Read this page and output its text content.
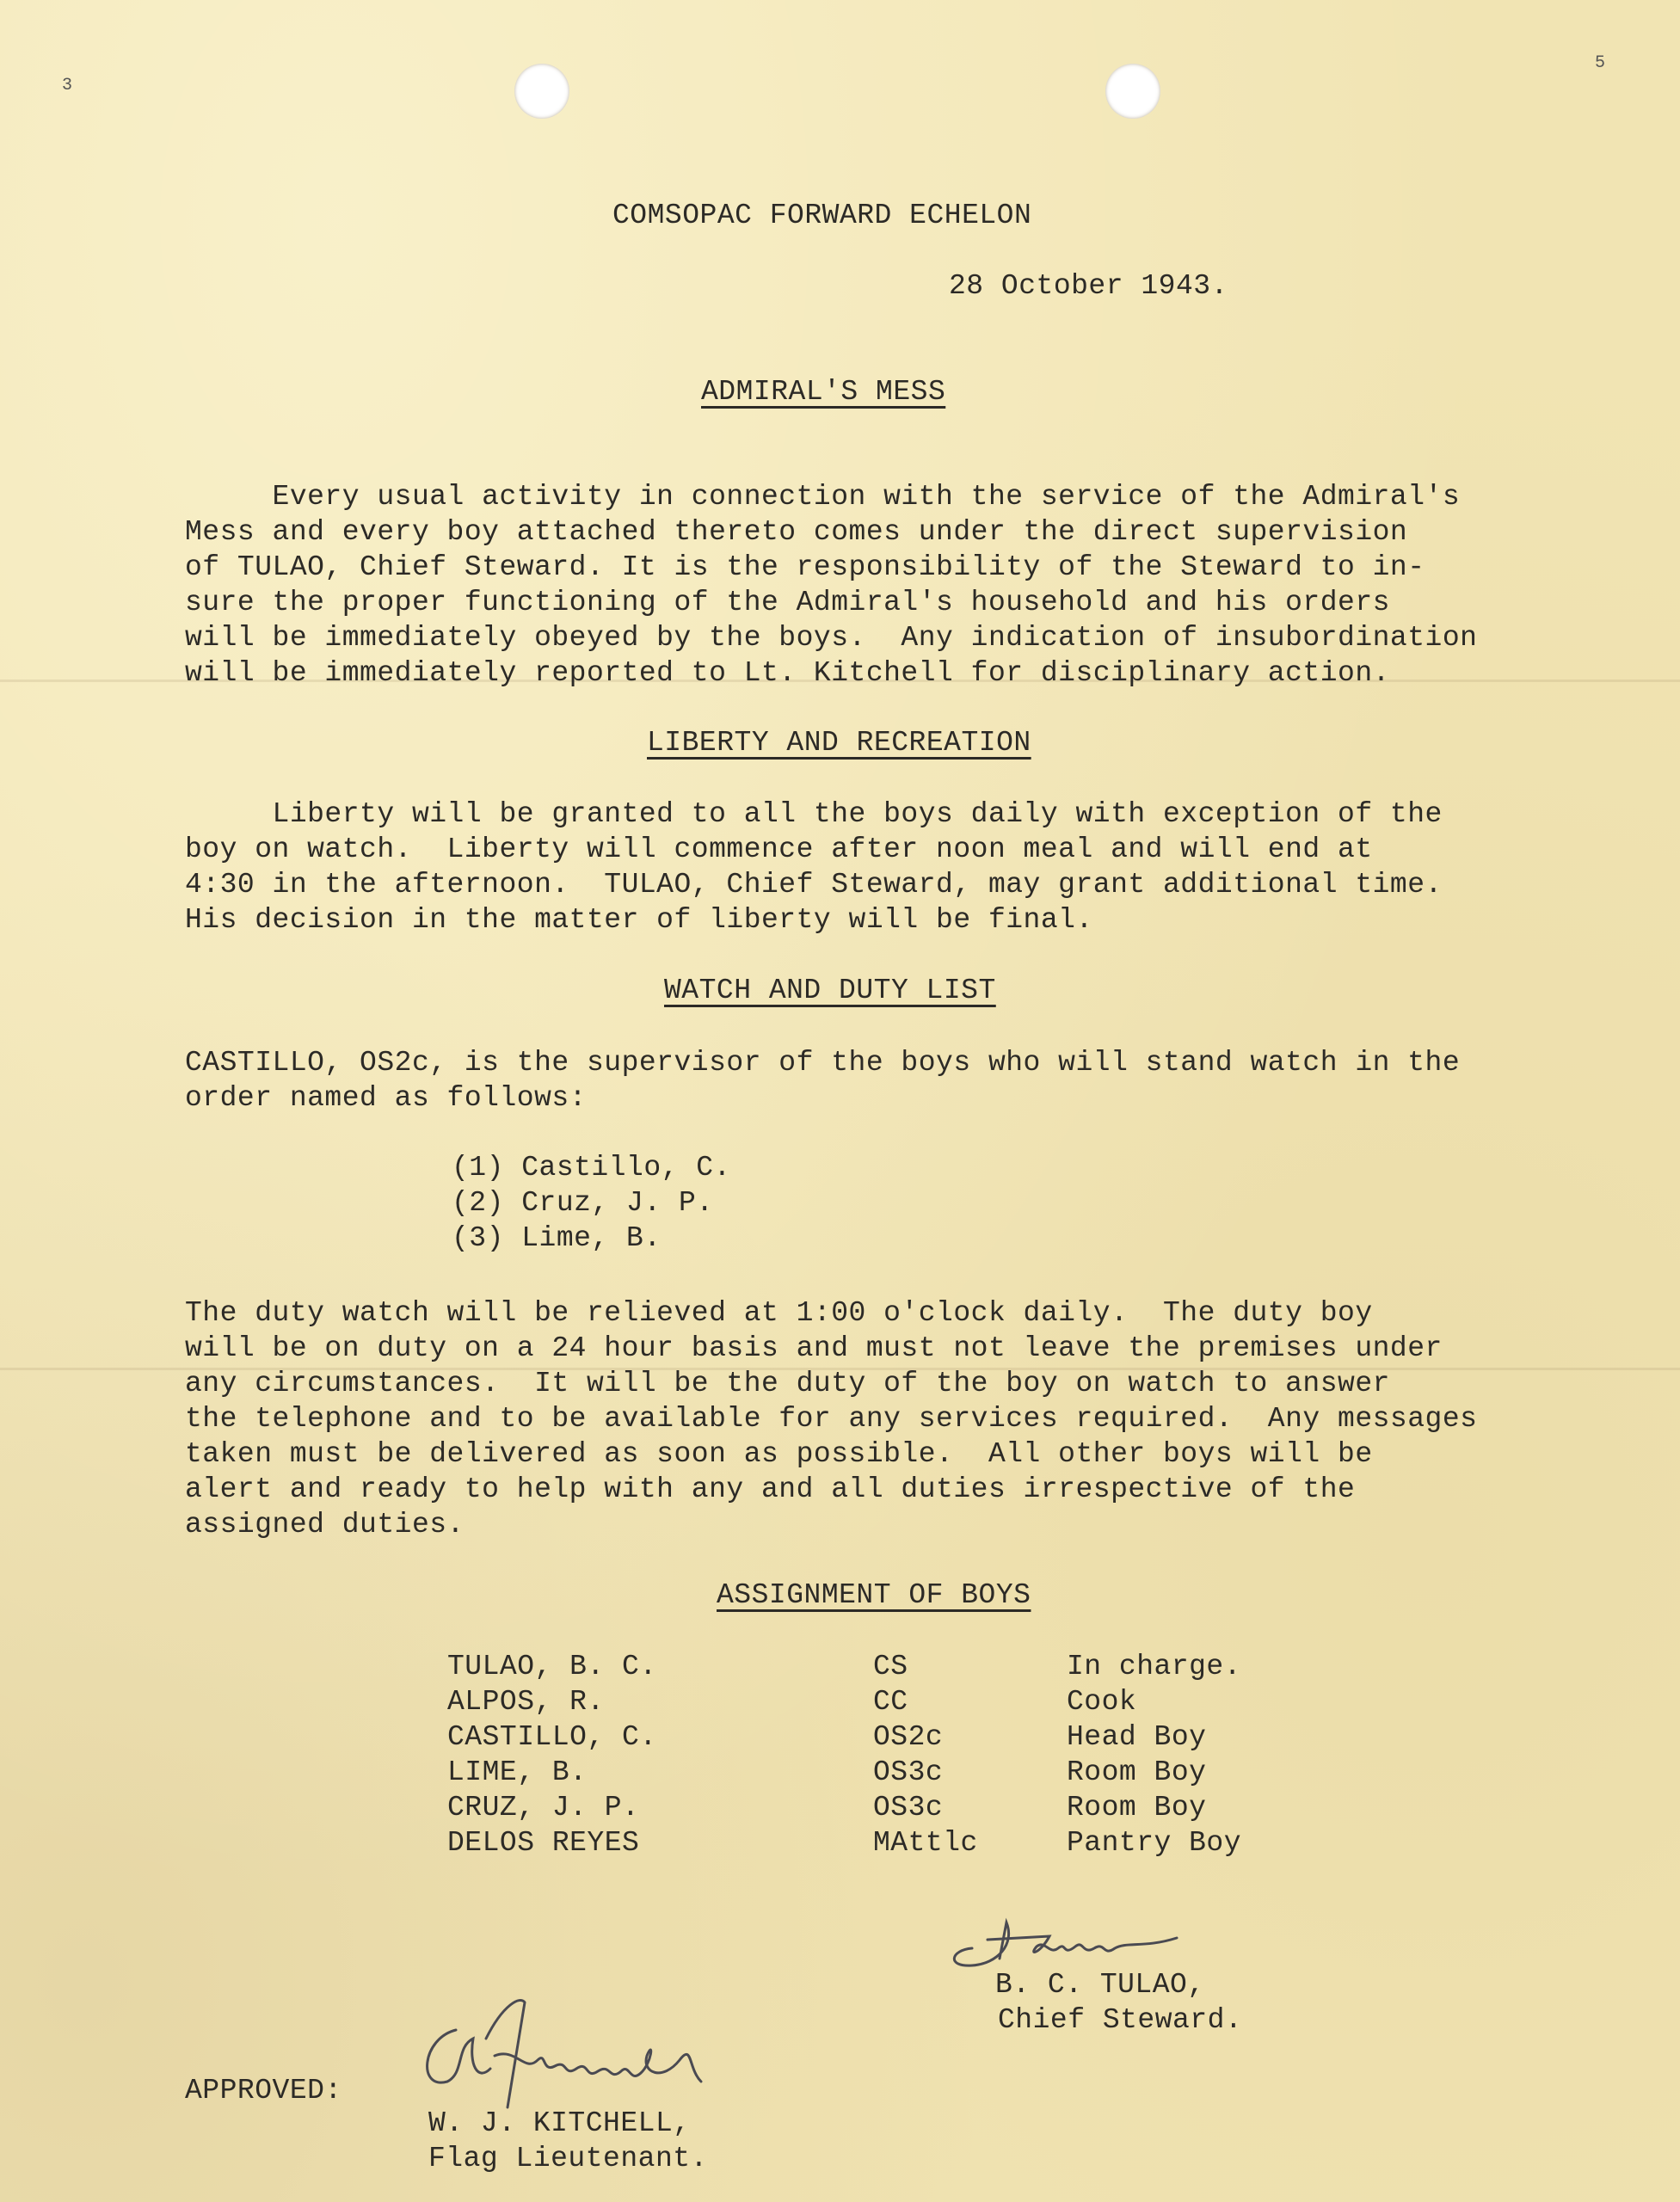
3
5
COMSOPAC FORWARD ECHELON
28 October 1943.
ADMIRAL'S MESS
Every usual activity in connection with the service of the Admiral's
Mess and every boy attached thereto comes under the direct supervision
of TULAO, Chief Steward. It is the responsibility of the Steward to in-
sure the proper functioning of the Admiral's household and his orders
will be immediately obeyed by the boys.  Any indication of insubordination
will be immediately reported to Lt. Kitchell for disciplinary action.
LIBERTY AND RECREATION
Liberty will be granted to all the boys daily with exception of the
boy on watch.  Liberty will commence after noon meal and will end at
4:30 in the afternoon.  TULAO, Chief Steward, may grant additional time.
His decision in the matter of liberty will be final.
WATCH AND DUTY LIST
CASTILLO, OS2c, is the supervisor of the boys who will stand watch in the
order named as follows:
(1) Castillo, C.
(2) Cruz, J. P.
(3) Lime, B.
The duty watch will be relieved at 1:00 o'clock daily.  The duty boy
will be on duty on a 24 hour basis and must not leave the premises under
any circumstances.  It will be the duty of the boy on watch to answer
the telephone and to be available for any services required.  Any messages
taken must be delivered as soon as possible.  All other boys will be
alert and ready to help with any and all duties irrespective of the
assigned duties.
ASSIGNMENT OF BOYS
TULAO, B. C.	CS	In charge.
ALPOS, R.	CC	Cook
CASTILLO, C.	OS2c	Head Boy
LIME, B.	OS3c	Room Boy
CRUZ, J. P.	OS3c	Room Boy
DELOS REYES	MAttlc	Pantry Boy
B. C. TULAO,
Chief Steward.
APPROVED:
W. J. KITCHELL,
Flag Lieutenant.
